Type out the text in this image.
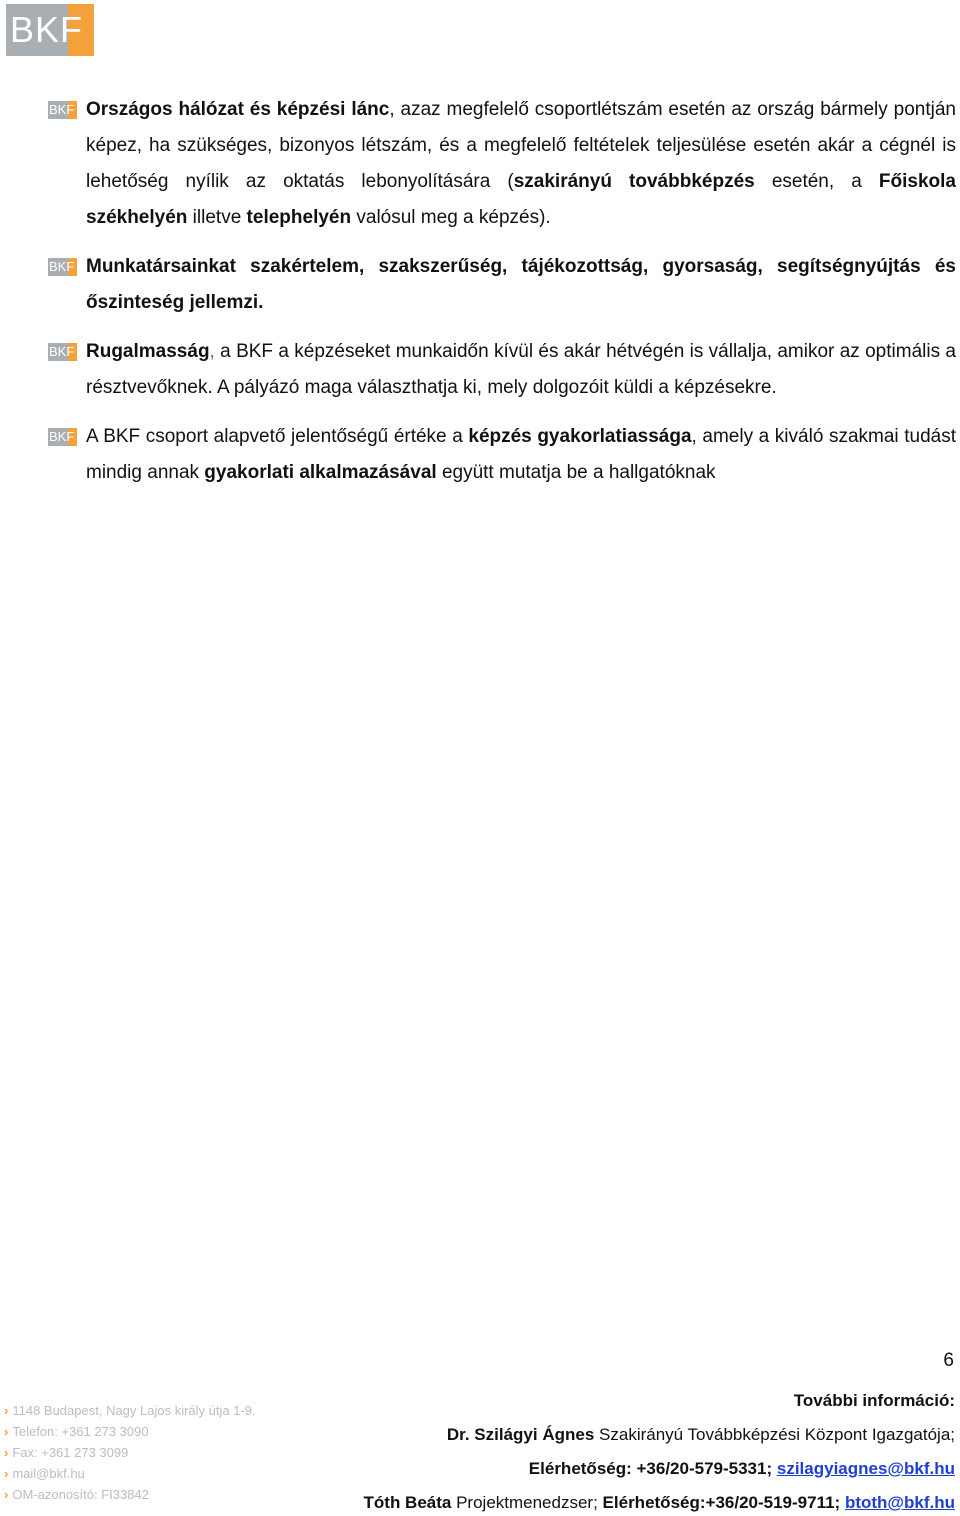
BKF
BKF Országos hálózat és képzési lánc, azaz megfelelő csoportlétszám esetén az ország bármely pontján képez, ha szükséges, bizonyos létszám, és a megfelelő feltételek teljesülése esetén akár a cégnél is lehetőség nyílik az oktatás lebonyolítására (szakirányú továbbképzés esetén, a Főiskola székhelyén illetve telephelyén valósul meg a képzés).
BKF Munkatársainkat szakértelem, szakszerűség, tájékozottság, gyorsaság, segítségnyújtás és őszinteség jellemzi.
BKF Rugalmasság, a BKF a képzéseket munkaidőn kívül és akár hétvégén is vállalja, amikor az optimális a résztvevőknek. A pályázó maga választhatja ki, mely dolgozóit küldi a képzésekre.
BKF A BKF csoport alapvető jelentőségű értéke a képzés gyakorlatiassága, amely a kiváló szakmai tudást mindig annak gyakorlati alkalmazásával együtt mutatja be a hallgatóknak
6
› 1148 Budapest, Nagy Lajos király útja 1-9.
› Telefon: +361 273 3090
› Fax: +361 273 3099
› mail@bkf.hu
› OM-azonosító: FI33842
További információ:
Dr. Szilágyi Ágnes Szakirányú Továbbképzési Központ Igazgatója;
Elérhetőség: +36/20-579-5331; szilagyiagnes@bkf.hu
Tóth Beáta Projektmenedzser; Elérhetőség:+36/20-519-9711; btoth@bkf.hu
